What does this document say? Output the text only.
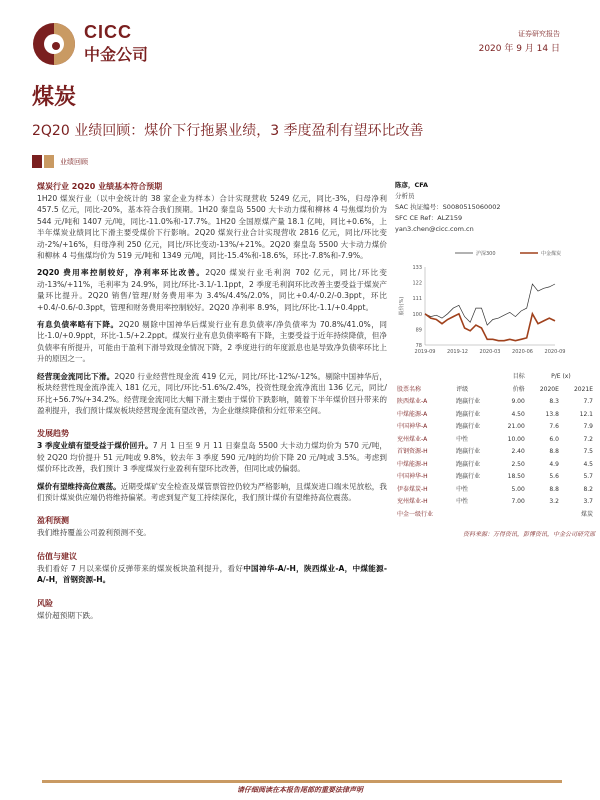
CICC
中金公司
证券研究报告
2020 年 9 月 14 日
煤炭
2Q20 业绩回顾：煤价下行拖累业绩，3 季度盈利有望环比改善
业绩回顾
煤炭行业 2Q20 业绩基本符合预期

1H20 煤炭行业（以中金统计的 38 家企业为样本）合计实现营收 5249 亿元，同比-3%，归母净利 457.5 亿元，同比-20%，基本符合我们预期。1H20 秦皇岛 5500 大卡动力煤和柳林 4 号焦煤均价为 544 元/吨和 1407 元/吨，同比-11.0%和-17.7%。1H20 全国原煤产量 18.1 亿吨，同比+0.6%，上半年煤炭业绩同比下滑主要受煤价下行影响。2Q20 煤炭行业合计实现营收 2816 亿元，同比/环比变动-2%/+16%，归母净利 250 亿元，同比/环比变动-13%/+21%。2Q20 秦皇岛 5500 大卡动力煤价和柳林 4 号焦煤均价为 519 元/吨和 1349 元/吨，同比-15.4%和-18.6%，环比-7.8%和-7.9%。

2Q20 费用率控制较好，净利率环比改善。2Q20 煤炭行业毛利润 702 亿元，同比/环比变动-13%/+11%，毛利率为 24.9%，同比/环比-3.1/-1.1ppt，2 季度毛利润环比改善主要受益于煤炭产量环比提升。2Q20 销售/管理/财务费用率为 3.4%/4.4%/2.0%，同比+0.4/-0.2/-0.3ppt，环比+0.4/-0.6/-0.3ppt，管理和财务费用率控制较好。2Q20 净利率 8.9%，同比/环比-1.1/+0.4ppt。

有息负债率略有下降。2Q20 剔除中国神华后煤炭行业有息负债率/净负债率为 70.8%/41.0%，同比-1.0/+0.9ppt，环比-1.5/+2.2ppt。煤炭行业有息负债率略有下降，主要受益于近年持续降债，但净负债率有所提升，可能由于盈利下滑导致现金情况下降，2 季度进行的年度派息也是导致净负债率环比上升的原因之一。

经营现金流同比下滑。2Q20 行业经营性现金流 419 亿元，同比/环比-12%/-12%。剔除中国神华后，板块经营性现金流净流入 181 亿元，同比/环比-51.6%/2.4%，投资性现金流净流出 136 亿元，同比/环比+56.7%/+34.2%。经营现金流同比大幅下滑主要由于煤价下跌影响，随着下半年煤价回升带来的盈利提升，我们预计煤炭板块经营现金流有望改善，为企业继续降债和分红带来空间。

发展趋势

3 季度业绩有望受益于煤价回升。7 月 1 日至 9 月 11 日秦皇岛 5500 大卡动力煤均价为 570 元/吨，较 2Q20 均价提升 51 元/吨或 9.8%，较去年 3 季度 590 元/吨的均价下降 20 元/吨或 3.5%。考虑到煤价环比改善，我们预计 3 季度煤炭行业盈利有望环比改善，但同比或仍偏弱。

煤价有望维持高位震荡。近期受煤矿安全检查及煤管票管控仍较为严格影响，且煤炭进口端未见放松，我们预计煤炭供应端仍将维持偏紧。考虑到复产复工持续深化，我们预计煤价有望维持高位震荡。

盈利预测

我们维持覆盖公司盈利预测不变。

估值与建议

我们看好 7 月以来煤价反弹带来的煤炭板块盈利提升，看好中国神华-A/-H，陕西煤业-A，中煤能源-A/-H，首钢资源-H。

风险

煤价超预期下跌。

陈彦，CFA
分析员
SAC 执证编号：S0080515060002
SFC CE Ref：ALZ159
yan3.chen@cicc.com.cn
133
122
111
100
89
78
2019-09 2019-12 2020-03 2020-06 2020-09
股价(%)
沪深300	中金煤炭
		目标	P/E (x)	
股票名称	评级	价格	2020E	2021E
陕西煤业-A	跑赢行业	9.00	8.3	7.7
中煤能源-A	跑赢行业	4.50	13.8	12.1
中国神华-A	跑赢行业	21.00	7.6	7.9
兖州煤业-A	中性	10.00	6.0	7.2
首钢资源-H	跑赢行业	2.40	8.8	7.5
中煤能源-H	跑赢行业	2.50	4.9	4.5
中国神华-H	跑赢行业	18.50	5.6	5.7
伊泰煤炭-H	中性	5.00	8.8	8.2
兖州煤业-H	中性	7.00	3.2	3.7
中金一级行业				煤炭
资料来源：万得资讯，彭博资讯，中金公司研究部
请仔细阅读在本报告尾部的重要法律声明
